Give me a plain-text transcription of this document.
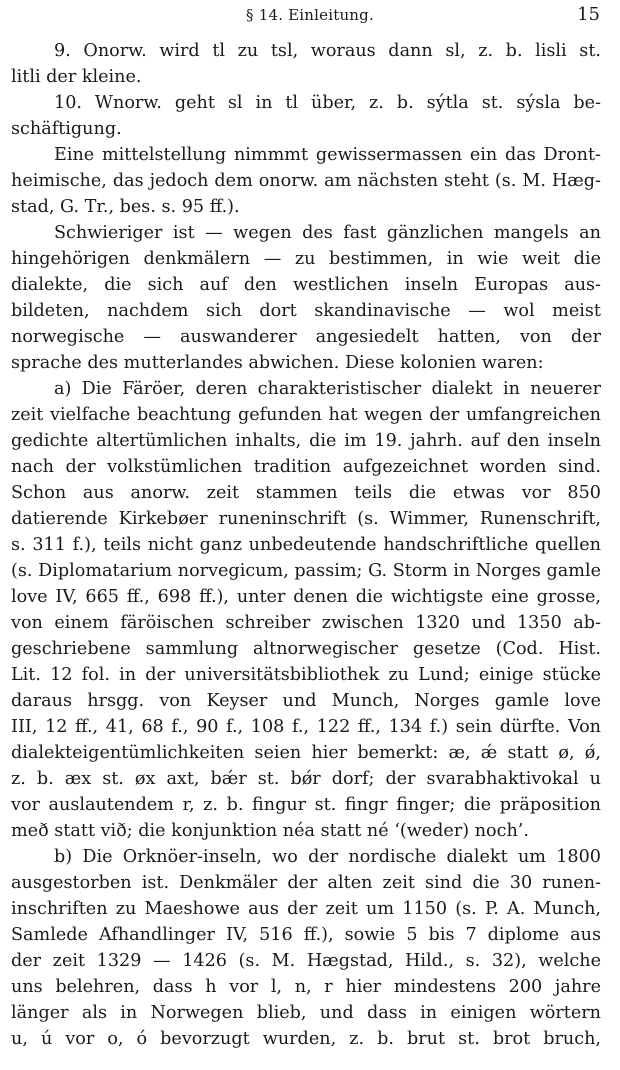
§ 14. Einleitung.	15
9. Onorw. wird tl zu tsl, woraus dann sl, z. b. lisli st.
litli der kleine.
10. Wnorw. geht sl in tl über, z. b. sýtla st. sýsla be-
schäftigung.
Eine mittelstellung nimmmt gewissermassen ein das Dront-
heimische, das jedoch dem onorw. am nächsten steht (s. M. Hæg-
stad, G. Tr., bes. s. 95 ff.).
Schwieriger ist — wegen des fast gänzlichen mangels an
hingehörigen denkmälern — zu bestimmen, in wie weit die
dialekte, die sich auf den westlichen inseln Europas aus-
bildeten, nachdem sich dort skandinavische — wol meist
norwegische — auswanderer angesiedelt hatten, von der
sprache des mutterlandes abwichen. Diese kolonien waren:
a) Die Färöer, deren charakteristischer dialekt in neuerer
zeit vielfache beachtung gefunden hat wegen der umfangreichen
gedichte altertümlichen inhalts, die im 19. jahrh. auf den inseln
nach der volkstümlichen tradition aufgezeichnet worden sind.
Schon aus anorw. zeit stammen teils die etwas vor 850
datierende Kirkebøer runeninschrift (s. Wimmer, Runenschrift,
s. 311 f.), teils nicht ganz unbedeutende handschriftliche quellen
(s. Diplomatarium norvegicum, passim; G. Storm in Norges gamle
love IV, 665 ff., 698 ff.), unter denen die wichtigste eine grosse,
von einem färöischen schreiber zwischen 1320 und 1350 ab-
geschriebene sammlung altnorwegischer gesetze (Cod. Hist.
Lit. 12 fol. in der universitätsbibliothek zu Lund; einige stücke
daraus hrsgg. von Keyser und Munch, Norges gamle love
III, 12 ff., 41, 68 f., 90 f., 108 f., 122 ff., 134 f.) sein dürfte. Von
dialekteigentümlichkeiten seien hier bemerkt: æ, ǽ statt ø, ǿ,
z. b. æx st. øx axt, bǽr st. bǿr dorf; der svarabhaktivokal u
vor auslautendem r, z. b. fingur st. fingr finger; die präposition
með statt við; die konjunktion néa statt né ‘(weder) noch’.
b) Die Orknöer-inseln, wo der nordische dialekt um 1800
ausgestorben ist. Denkmäler der alten zeit sind die 30 runen-
inschriften zu Maeshowe aus der zeit um 1150 (s. P. A. Munch,
Samlede Afhandlinger IV, 516 ff.), sowie 5 bis 7 diplome aus
der zeit 1329 — 1426 (s. M. Hægstad, Hild., s. 32), welche
uns belehren, dass h vor l, n, r hier mindestens 200 jahre
länger als in Norwegen blieb, und dass in einigen wörtern
u, ú vor o, ó bevorzugt wurden, z. b. brut st. brot bruch,
